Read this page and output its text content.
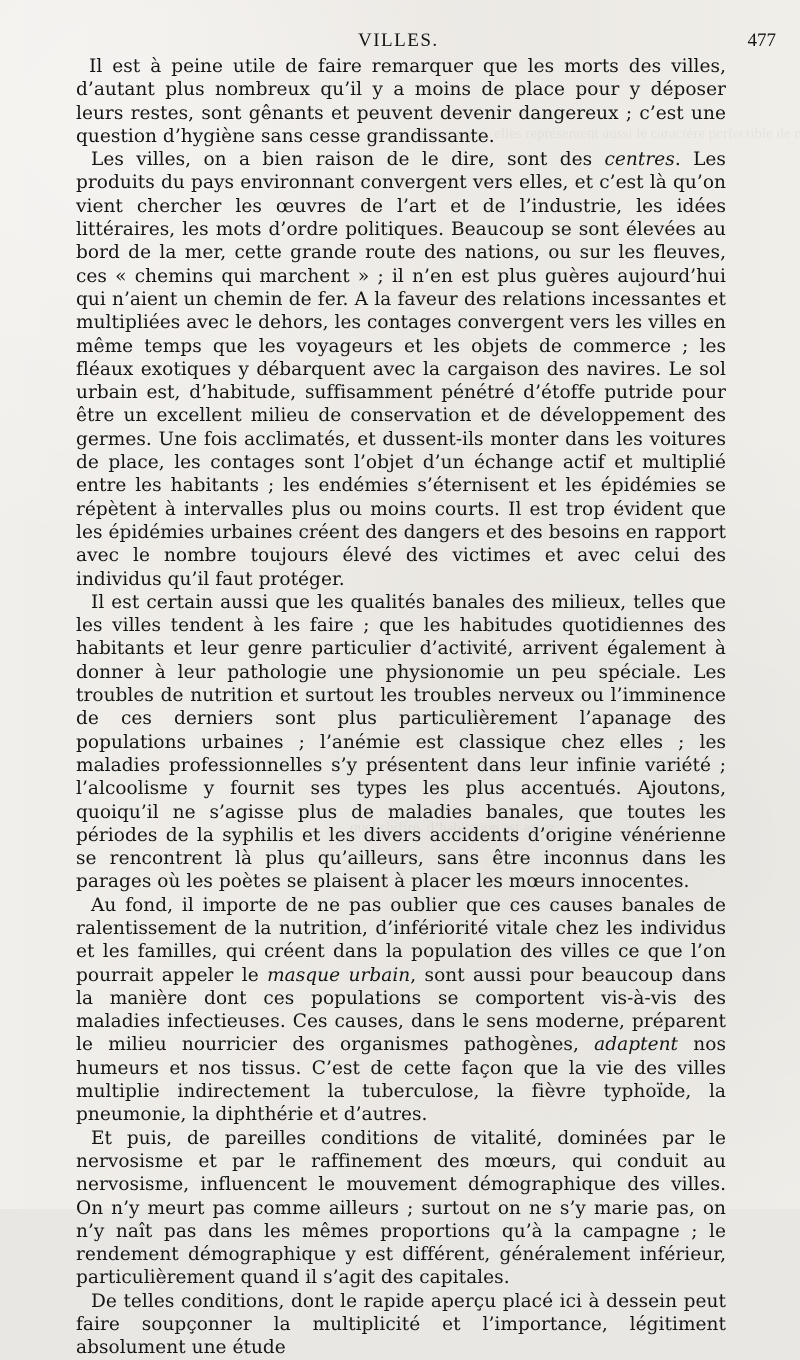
VILLES.	477

Il est à peine utile de faire remarquer que les morts des villes, d’autant plus nombreux qu’il y a moins de place pour y déposer leurs restes, sont gênants et peuvent devenir dangereux ; c’est une question d’hygiène sans cesse grandissante.

Les villes, on a bien raison de le dire, sont des centres. Les produits du pays environnant convergent vers elles, et c’est là qu’on vient chercher les œuvres de l’art et de l’industrie, les idées littéraires, les mots d’ordre politiques. Beaucoup se sont élevées au bord de la mer, cette grande route des nations, ou sur les fleuves, ces « chemins qui marchent » ; il n’en est plus guères aujourd’hui qui n’aient un chemin de fer. A la faveur des relations incessantes et multipliées avec le dehors, les contages convergent vers les villes en même temps que les voyageurs et les objets de commerce ; les fléaux exotiques y débarquent avec la cargaison des navires. Le sol urbain est, d’habitude, suffisamment pénétré d’étoffe putride pour être un excellent milieu de conservation et de développement des germes. Une fois acclimatés, et dussent-ils monter dans les voitures de place, les contages sont l’objet d’un échange actif et multiplié entre les habitants ; les endémies s’éternisent et les épidémies se répètent à intervalles plus ou moins courts. Il est trop évident que les épidémies urbaines créent des dangers et des besoins en rapport avec le nombre toujours élevé des victimes et avec celui des individus qu’il faut protéger.

Il est certain aussi que les qualités banales des milieux, telles que les villes tendent à les faire ; que les habitudes quotidiennes des habitants et leur genre particulier d’activité, arrivent également à donner à leur pathologie une physionomie un peu spéciale. Les troubles de nutrition et surtout les troubles nerveux ou l’imminence de ces derniers sont plus particulièrement l’apanage des populations urbaines ; l’anémie est classique chez elles ; les maladies professionnelles s’y présentent dans leur infinie variété ; l’alcoolisme y fournit ses types les plus accentués. Ajoutons, quoiqu’il ne s’agisse plus de maladies banales, que toutes les périodes de la syphilis et les divers accidents d’origine vénérienne se rencontrent là plus qu’ailleurs, sans être inconnus dans les parages où les poètes se plaisent à placer les mœurs innocentes.

Au fond, il importe de ne pas oublier que ces causes banales de ralentissement de la nutrition, d’infériorité vitale chez les individus et les familles, qui créent dans la population des villes ce que l’on pourrait appeler le masque urbain, sont aussi pour beaucoup dans la manière dont ces populations se comportent vis-à-vis des maladies infectieuses. Ces causes, dans le sens moderne, préparent le milieu nourricier des organismes pathogènes, adaptent nos humeurs et nos tissus. C’est de cette façon que la vie des villes multiplie indirectement la tuberculose, la fièvre typhoïde, la pneumonie, la diphthérie et d’autres.

Et puis, de pareilles conditions de vitalité, dominées par le nervosisme et par le raffinement des mœurs, qui conduit au nervosisme, influencent le mouvement démographique des villes. On n’y meurt pas comme ailleurs ; surtout on ne s’y marie pas, on n’y naît pas dans les mêmes proportions qu’à la campagne ; le rendement démographique y est différent, généralement inférieur, particulièrement quand il s’agit des capitales.

De telles conditions, dont le rapide aperçu placé ici à dessein peut faire soupçonner la multiplicité et l’importance, légitiment absolument une étude
